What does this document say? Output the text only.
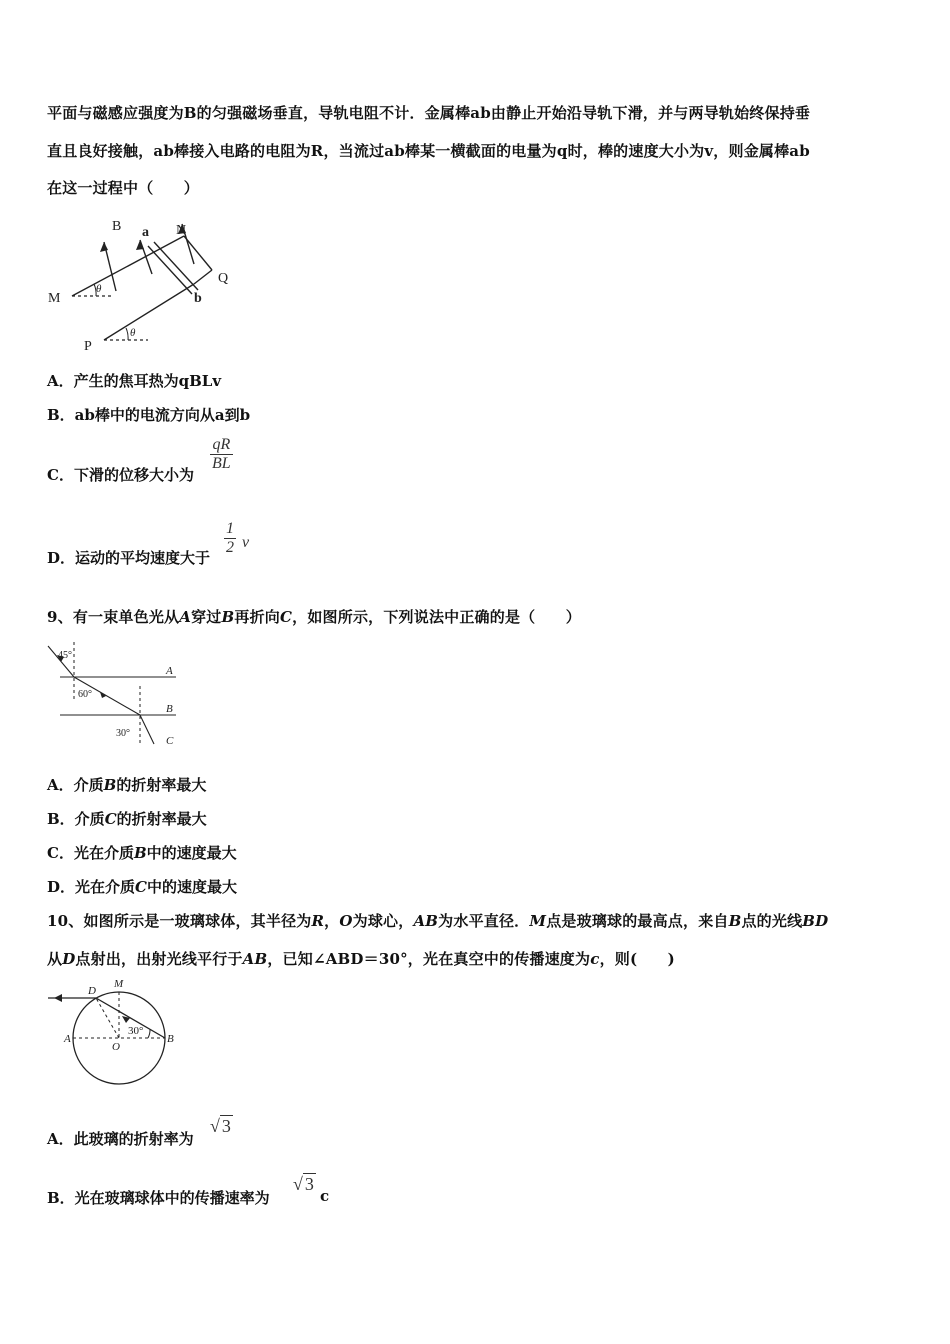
平面与磁感应强度为B的匀强磁场垂直，导轨电阻不计．金属棒ab由静止开始沿导轨下滑，并与两导轨始终保持垂
直且良好接触，ab棒接入电路的电阻为R，当流过ab棒某一横截面的电量为q时，棒的速度大小为v，则金属棒ab
在这一过程中（　　）
B a N
Q
b
M
P
θ
θ
A．产生的焦耳热为qBLv
B．ab棒中的电流方向从a到b
C．下滑的位移大小为
$\frac{qR}{BL}$
D．运动的平均速度大于
$\frac{1}{2}$ v
9、有一束单色光从A穿过B再折向C，如图所示，下列说法中正确的是（　　）
45°
60°
30°
A
B
C
A．介质B的折射率最大
B．介质C的折射率最大
C．光在介质B中的速度最大
D．光在介质C中的速度最大
10、如图所示是一玻璃球体，其半径为R，O为球心，AB为水平直径．M点是玻璃球的最高点，来自B点的光线BD
从D点射出，出射光线平行于AB，已知∠ABD＝30°，光在真空中的传播速度为c，则(　　)
D
M
A
O
B
30°
A．此玻璃的折射率为
√ 3
B．光在玻璃球体中的传播速率为
√ 3
c
